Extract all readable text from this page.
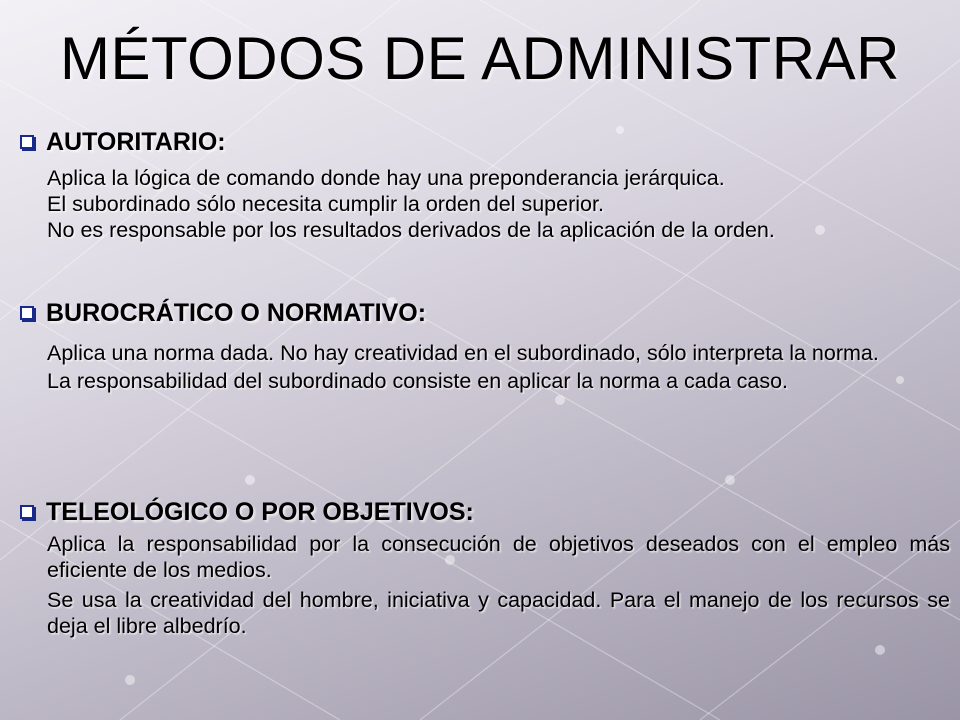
MÉTODOS DE ADMINISTRAR
AUTORITARIO:

Aplica la lógica de comando donde hay una preponderancia jerárquica.

El subordinado sólo necesita cumplir la orden del superior.

No es responsable por los resultados derivados de la aplicación de la orden.

BUROCRÁTICO O NORMATIVO:

Aplica una norma dada. No hay creatividad en el subordinado, sólo interpreta la norma.

La responsabilidad del subordinado consiste en aplicar la norma a cada caso.

TELEOLÓGICO O POR OBJETIVOS:

Aplica la responsabilidad por la consecución de objetivos deseados con el empleo más eficiente de los medios.

Se usa la creatividad del hombre, iniciativa y capacidad. Para el manejo de los recursos se deja el libre albedrío.
